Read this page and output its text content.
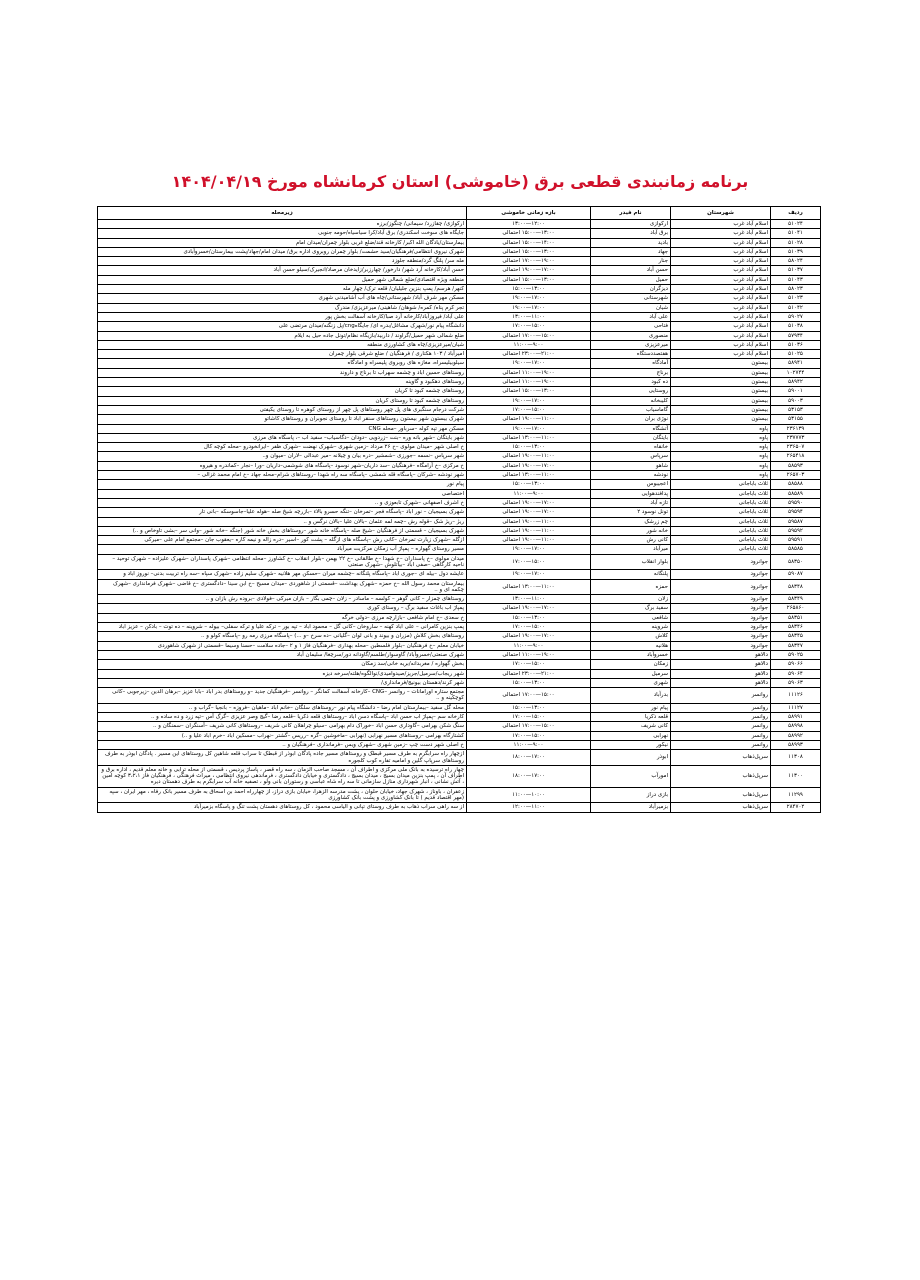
برنامه زمانبندی قطعی برق (خاموشی) استان کرمانشاه مورخ ۱۴۰۴/۰۴/۱۹
ردیف	شهرستان	نام فیدر	بازه زمانی خاموشی	زیرمحله
۵۱۰۲۴	اسلام آباد غرب	ارکوازی	۱۲:۰۰—۱۳:۰۰	ارکوازی/ چقازرد/ سیمانی/ چنگوز/برزه
۵۱۰۴۱	اسلام آباد غرب	برق آباد	۱۳:۰۰—۱۵:۰۰ احتمالی	جایگاه های سوخت اسکندری/ برق آباد/کرا سیاسیاه/حومه جنوبی
۵۱۰۲۸	اسلام آباد غرب	بادید	۱۴:۰۰—۱۵:۰۰ احتمالی	بیمارستان/یادگان الله اکبر/ کارخانه قند/ضلع غربی بلوار چمران/میدان امام
۵۱۰۳۹	اسلام آباد غرب	جهاد	۱۳:۰۰—۱۵:۰۰ احتمالی	شهرک نیروی انتظامی/فرهنگیان/سید حشمت/ بلوار چمران روبروی اداره برق/ میدان امام/جهاد/پشت بیمارستان/خسروآبادی
۵۸۰۲۴	اسلام آباد غرب	جنار	۱۹:۰۰—۱۷:۰۰ احتمالی	مله سر/ پلنگ گرد/منطقه جلوزد
۵۱۰۳۷	اسلام آباد غرب	حسن آباد	۱۷:۰۰—۱۹:۰۰ احتمالی	حسن آباد/کارخانه آرد شهر/ دارخور/ چهارزبر/زایدخان مرصاد/انجیرک/سیلو حسن آباد
۵۱۰۴۳	اسلام آباد غرب	حمیل	۱۳:۰۰—۱۵:۰۰ احتمالی	منطقه ویژه اقتصادی/ضلع شمالی شهر حمیل
۵۸۰۲۳	اسلام آباد غرب	دیزگران	۱۳:۰۰—۱۵:۰۰	کنهر/ هرسم/ پمپ بنزین جلیلیان/ قلعه ترک/ چهار مله
۵۱۰۲۳	اسلام آباد غرب	شهرستانی	۱۷:۰۰—۱۹:۰۰	مسکن مهر شرف آباد/ شهرستانی/چاه های آب آشامیدنی شهری
۵۱۰۴۲	اسلام آباد غرب	شیان	۱۷:۰۰—۱۹:۰۰	تجر کرم پناه/ کمره/ شوهان/ شاهینی/ میرعزیزی/ مندرگ
۵۹۰۲۷	اسلام آباد غرب	علی آباد	۱۱:۰۰—۱۳:۰۰	علی آباد/ فیروزآباد/کارخانه آرد صبا/کارخانه آسفالت بخش پور
۵۱۰۳۸	اسلام آباد غرب	فتاحی	۱۵:۰۰—۱۷:۰۰	دانشگاه پیام نور/شهرک مشاغل/بدره ای/ جایگاهcng/پل زنگنه/میدان مرتضی علی
۵۷۹۳۴	اسلام آباد غرب	منصوری	۱۵:۰۰—۱۷:۰۰ احتمالی	ضلع شمالی شهر حمیل/گراوند / داربید/بازیگاه نظام/تونل جاده حیل به ایلام
۵۱۰۳۶	اسلام آباد غرب	میرعزیزی	۹:۰۰—۱۱:۰۰	شیان/میرعزیزی/چاه های کشاورزی منطقه
۵۱۰۲۵	اسلام آباد غرب	هفتصددستگاه	۲۱:۰۰—۲۳:۰۰ احتمالی	امیرآباد / ۱۰۳ هکتاری / فرهنگیان / ضلع شرقی بلوار چمران
۵۸۹۴۱	بیستون	آمادگاه	۱۷:۰۰—۱۹:۰۰	سیلوبیلیسراه، مغازه های روبروی پلیسراه و امادگاه
۱۰۲۷۴۴	بیستون	برناج	۱۹:۰۰—۱۱:۰۰ احتمالی	روستاهای حسین اباد و چشمه سهراب تا برناج و داروند
۵۸۹۴۲	بیستون	ده کبود	۱۹:۰۰—۱۱:۰۰ احتمالی	روستاهای دهکبود و گاوینه
۵۹۰۰۱	بیستون	روستایی	۱۳:۰۰—۱۵:۰۰ احتمالی	روستاهای چشمه کبود تا کریان
۵۹۰۰۳	بیستون	کلیبخانه	۱۷:۰۰—۱۹:۰۰	روستاهای چشمه کبود تا روستای کریان
۵۳۱۵۳	بیستون	گاماسیاب	۱۵:۰۰—۱۷:۰۰	شرکت درجام سنگبری های پل چهر روستاهای پل چهر از روستای کوهره تا روستای یکیفتی
۵۳۱۵۵	بیستون	نوژی بران	۱۱:۰۰—۱۹:۰۰ احتمالی	شهرک بیستون شهر بیستون روستاهای سنقر اباد تا روستای نجوبران و روستاهای کاشاتو
۲۳۶۱۳۹	پاوه	آتشگاه	۱۷:۰۰—۱۹:۰۰	مسکن مهر تپه کوله –سرباور –محله CNG
۲۳۷۷۷۳	پاوه	بایتگان	۱۱:۰۰—۱۳:۰۰ احتمالی	شهر بایتگان –شهر بانه وره –بنت –زردویی –دودان –دگاسیاب– سفید اب –، پاسگاه های مرزی
۲۳۶۵۰۷	پاوه	خانقاه	۱۳:۰۰—۱۵:۰۰	خ اصلی شهر –میدان مولوی –خ ۲۶ مرداد –زمین شهری –شهرک نهضت –شهرک ظفر –ایرانخودرو –محله کوچه کال
۲۶۵۴۱۸	پاوه	سرپاس	۱۱:۰۰—۱۹:۰۰ احتمالی	شهر سرپاس –نسمه –جورزی –شمشیر –دره بیان و چیلانه –میر عبدالی –لاران –میوان و..
۵۸۵۹۳	پاوه	شاهو	۱۷:۰۰—۱۹:۰۰ احتمالی	خ مرکزی –خ آرامگاه –فرهنگیان –سد داریان–شهر نوسود –پاسگاه های شوشمی–داریان –ورا –نجار –کماندره و هیروه
۲۶۵۷۰۳	پاوه	نودشه	۱۱:۰۰—۱۳:۰۰ احتمالی	شهر نودشه –شرکان –پاسگاه قله شمشی –پاسگاه سه راه شهدا –روستاهای شرام–محله جهاد –خ امام محمد غزالی –
۵۸۵۸۸	ثلاث باباجانی	اعجیبوس	۱۳:۰۰—۱۵:۰۰	پیام نور
۵۸۵۸۹	ثلاث باباجانی	پدافندهوایی	۹:۰۰—۱۱:۰۰	اختصاصی
۵۹۵۹۰	ثلاث باباجانی	تازه آباد	۱۷:۰۰—۱۹:۰۰ احتمالی	خ اشرف اصفهانی –شهرک تابعوزی و ..
۵۹۵۹۴	ثلاث باباجانی	تونل نوسود ۲	۱۷:۰۰—۱۹:۰۰ احتمالی	شهرک بسیجیان – نور اباد –پاسگاه فجر –تمرخان –تنگه حسرو بالاء –بازرچه شیخ صله –هوله علیا–جاسوسکه –بانی تار
۵۹۵۸۷	ثلاث باباجانی	چم زرشک	۱۱:۰۰—۱۹:۰۰ احتمالی	ریژ –ریژ شک –قوله رش –چمه لمه عثمان –بالان علیا –بالان نرگس و ..
۵۹۵۹۲	ثلاث باباجانی	خانه شور	۱۱:۰۰—۱۹:۰۰ احتمالی	شهرک بسیجیان – قسمتی از فرهنگیان –شیخ صله –پاسگاه خانه شور –روستاهای بخش خانه شور (جنگه –خانه شور –وانی سر –بشی تاوخاص و ..)
۵۹۵۹۱	ثلاث باباجانی	کانی رش	۱۱:۰۰—۱۹:۰۰ احتمالی	ازگله –شهرک زیارت تمرخان –کانی رش –پاسگاه های ازگله – پشت کور –اسیر –دره زاله و نیمه کاره –یعقوب جان –مجتمع امام علی –میرکی
۵۸۵۸۵	ثلاث باباجانی	میرآباد	۱۷:۰۰—۱۹:۰۰	مسیر روستای گهواره – پمپاژ آب زمکان مرکزیت میرآباد
۵۸۳۵۰	جوانرود	بلوار انقلاب	۱۵:۰۰—۱۷:۰۰	میدان مولوی –خ پاسداران –خ شهدا –خ طالقانی –خ ۲۲ بهمن –بلوار انقلاب –خ کشاورز –محله انتظامی –شهرک پاسداران –شهرک علیزاده – شهرک توحید – ناحیه کارگاهی –صفی اباد –بیاتلوش –شهرک صنعتی
۵۹۰۸۷	جوانرود	پلنگانه	۱۷:۰۰—۱۹:۰۰	عایشه دول –بیله ای –جوری اباد –پاسگاه پلنگانه –چشمه میران –حسکن مهر هلانیه –شهرک سلیم زاده –شهرک سپاه –سه راه تربیت بدنی– نوروز اباد و
۵۸۳۴۸	جوانرود	حمزه	۱۱:۰۰—۱۳:۰۰ احتمالی	بیمارستان محمد رسول الله –خ حمزه –شهرک بهداشت –قسمتی از شاهوردی –میدان مسیح –خ ابن سینا –دادگستری –خ قاضی –شهرک فرمانداری –شهرک چکمه ای و ..
۵۸۳۴۹	جوانرود	زلان	۱۱:۰۰—۱۳:۰۰	روستاهای چمزار – کانی گوهر – کولسه – ماسادر – زلان –چمی بگار – بازان میرکی –فولادی –بروده رش بازان و ..
۲۶۵۸۶۰	جوانرود	سفید برگ	۱۷:۰۰—۱۹:۰۰ احتمالی	پمپاژ اب باغات سفید برگ – روستای کوری
۵۸۳۵۱	جوانرود	شافعی	۱۳:۰۰—۱۵:۰۰	خ سعدی –خ امام شافعی –بازارچه مرزی –دولی خرگه
۵۸۳۴۶	جوانرود	شروینه	۱۵:۰۰—۱۷:۰۰	پمپ بنزین کامرانی – علی اباد کهنه – ساروخان –کانی گل – محمود اباد – تپه بور – ترکه علیا و ترکه سفلی– بیوله – شروینه – ده توت – بادکن – عزیز اباد
۵۸۳۴۵	جوانرود	کلاش	۱۷:۰۰—۱۹:۰۰ احتمالی	روستاهای بخش کلاش (مزران و بیوند و بانی لوان –گلیانی –ده سرخ –و ...) –پاسگاه مرزی رمه رو –پاسگاه کولو و ..
۵۸۳۴۷	جوانرود	هلانیه	۹:۰۰—۱۱:۰۰	خیابان معلم –خ فرهنگیان –بلوار فلسطین –محله بهداری –فرهنگیان فاز ۱ و ۲ –جاده سلامت –حسنا وسیما –قسمتی از شهرک شاهوردی
۵۹۰۲۵	دالاهو	خسروآباد	۱۹:۰۰—۱۱:۰۰ احتمالی	شهرک صنعتی/خسروآباد/ گاوسوار/طلسم/گاودانه دور/سرچغا/ سلیمان آباد
۵۹۰۶۶	دالاهو	زمکان	۱۵:۰۰—۱۷:۰۰	بخش گهواره / مغربدانه/بریه خانی/سد زمکان
۵۹۰۶۴	دالاهو	سرمیل	۲۱:۰۰—۲۳:۰۰ احتمالی	شهر ریجاب/سرمیل/جریز/صیدوامیدی/نوالگوه/هلته/سرخه دیزه
۵۹۰۶۳	دالاهو	شهری	۱۳:۰۰—۱۵:۰۰	شهر کرند/دهستان بیونیج/فرمانداری/
۱۱۱۲۶	روانسر	بدرآباد	۱۵:۰۰—۱۷:۰۰ احتمالی	مجتمع ستاره اورامانات – روانسر –CNG –کارخانه آسفالت کمانگر – روانسر –فرهنگیان جدید –و روستاهای بدر اباد –بابا عزیز –برهان الدین –زیرجوبی –کانی کوچکینه و ..
۱۱۱۲۷	روانسر	پیام نور	۱۳:۰۰—۱۵:۰۰	محله گل سفید –بیمارستان امام رضا – دانشگاه پیام نور –روستاهای سلگان –خانم اباد –ماهیان –فروزه – بانجیا –گراب و ..
۵۸۹۹۱	روانسر	قلعه ذکریا	۱۵:۰۰—۱۷:۰۰	کارخانه سم –پمپاژ اب حسن اباد –پاسگاه دسن اباد –روستاهای قلعه ذکریا –قلعه رضا –گیج وصر عزیزی –گرگ آس –تپه زرد و ده ساده و ..
۵۸۹۹۸	روانسر	کانی شریف	۱۵:۰۰—۱۷:۰۰ احتمالی	سنگ شکن بهرامی –گاوداری حسن اباد –خوراک دام بهرامی –سیلو چراهلان کانی شریف –روستاهای کانی شریف –آسنگران –سمنگان و ..
۵۸۹۹۲	روانسر	نهرابی	۱۵:۰۰—۱۷:۰۰	کشتارگاه بهرامی –روستاهای مسیر نهرابی (نهرابی –ماخوشین –گره –رریس –گشتر –نهراب –مسکین اباد –خرم اباد علیا و ..)
۵۸۹۹۳	روانسر	نیکور	۹:۰۰—۱۱:۰۰	خ اصلی شهر دست چپ –زمین شهری –شهرک ویس –فرمانداری –فرهنگیان و ..
۱۱۳۰۸	سرپل‌ذهاب	ابوذر	۱۷:۰۰—۱۸:۰۰	ازچهار راه سرابگرم به طرف مسیر قبطک و روستاهای مسیر جاده پادگان ابوذر از قبطک تا سراب قلعه شاهین کل روستاهای این مسیر . پادگان ابوذر به طرف روستاهای سرپاپ گلین و امامیه تفاره کوب کلجوره
۱۱۳۰۰	سرپل‌ذهاب	امورآب	۱۷:۰۰—۱۸:۰۰	چهار راه ترسیده به بانک ملی مرکزی و اطراف آن ، مسجد صاحب الزمان ، سه راه قصر ، پاساژ پردیس ، قسمتی از محله ترابی و خانه معلم قدیم ، اداره برق و اطراف آن ، پمپ بنزین میدان بسیج ، میدان بسیج ، دادگستری و خیابان دادگستری ، فرماندهی نیروی انتظامی ، میراث فرهنگی ، فرهنگیان فاز ۳،۲،۱ کوچه امین ، آتش نشانی ، انبار شهرداری منازل سازمانی تا سه راه شاه عباسی و رستوران بانی ولو ، تصفیه خانه آب سرابگرم به طرف دهستان دیره
۱۱۲۹۹	سرپل‌ذهاب	بازی دراز	۱۰:۰۰—۱۱:۰۰	زعفران ، باوناز ، شهرک جهاد، خیابان حلوان ، پشت مدرسه الزهرا، خیابان بازی دراز، از چهارراه احمد بن اسحاق به طرف مسیر بانک رفاه ، مهر ایران ، سپه (مهر اقتصاد قدیم ) تا بانک کشاورزی و پشت بانک کشاورزی
۲۸۴۷۰۲	سرپل‌ذهاب	بزمیرآباد	۱۱:۰۰—۱۲:۰۰	از سه راهی سراب ذهاب به طرف روستای تپانی و الیاسی محمود ، کل روستاهای دهستان پشت تنگ و پاسگاه بزمیرآباد
